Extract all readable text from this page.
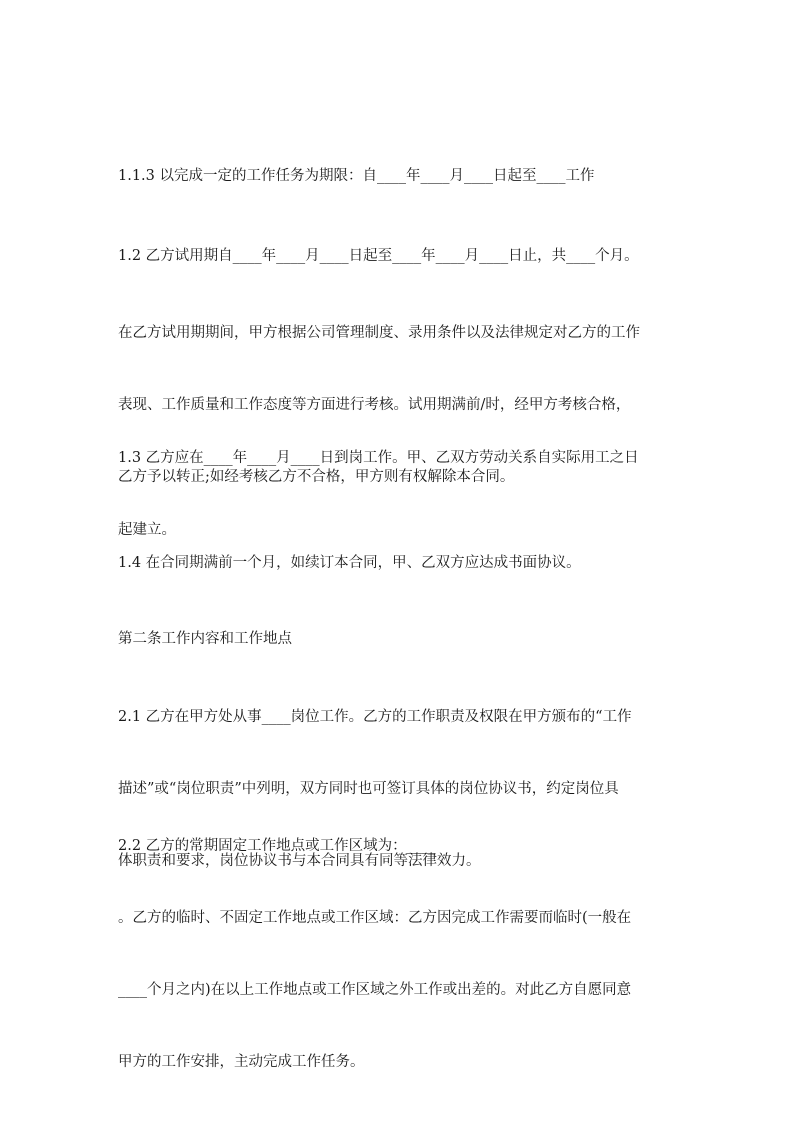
1.1.3 以完成一定的工作任务为期限：自____年____月____日起至____工作

1.2 乙方试用期自____年____月____日起至____年____月____日止，共____个月。

在乙方试用期期间，甲方根据公司管理制度、录用条件以及法律规定对乙方的工作

表现、工作质量和工作态度等方面进行考核。试用期满前/时，经甲方考核合格，

乙方予以转正;如经考核乙方不合格，甲方则有权解除本合同。

1.3 乙方应在____年____月____日到岗工作。甲、乙双方劳动关系自实际用工之日

起建立。

1.4 在合同期满前一个月，如续订本合同，甲、乙双方应达成书面协议。

第二条工作内容和工作地点

2.1 乙方在甲方处从事____岗位工作。乙方的工作职责及权限在甲方颁布的“工作

描述”或“岗位职责”中列明，双方同时也可签订具体的岗位协议书，约定岗位具

体职责和要求，岗位协议书与本合同具有同等法律效力。

2.2 乙方的常期固定工作地点或工作区域为：____

。乙方的临时、不固定工作地点或工作区域：乙方因完成工作需要而临时(一般在

____个月之内)在以上工作地点或工作区域之外工作或出差的。对此乙方自愿同意

甲方的工作安排，主动完成工作任务。
